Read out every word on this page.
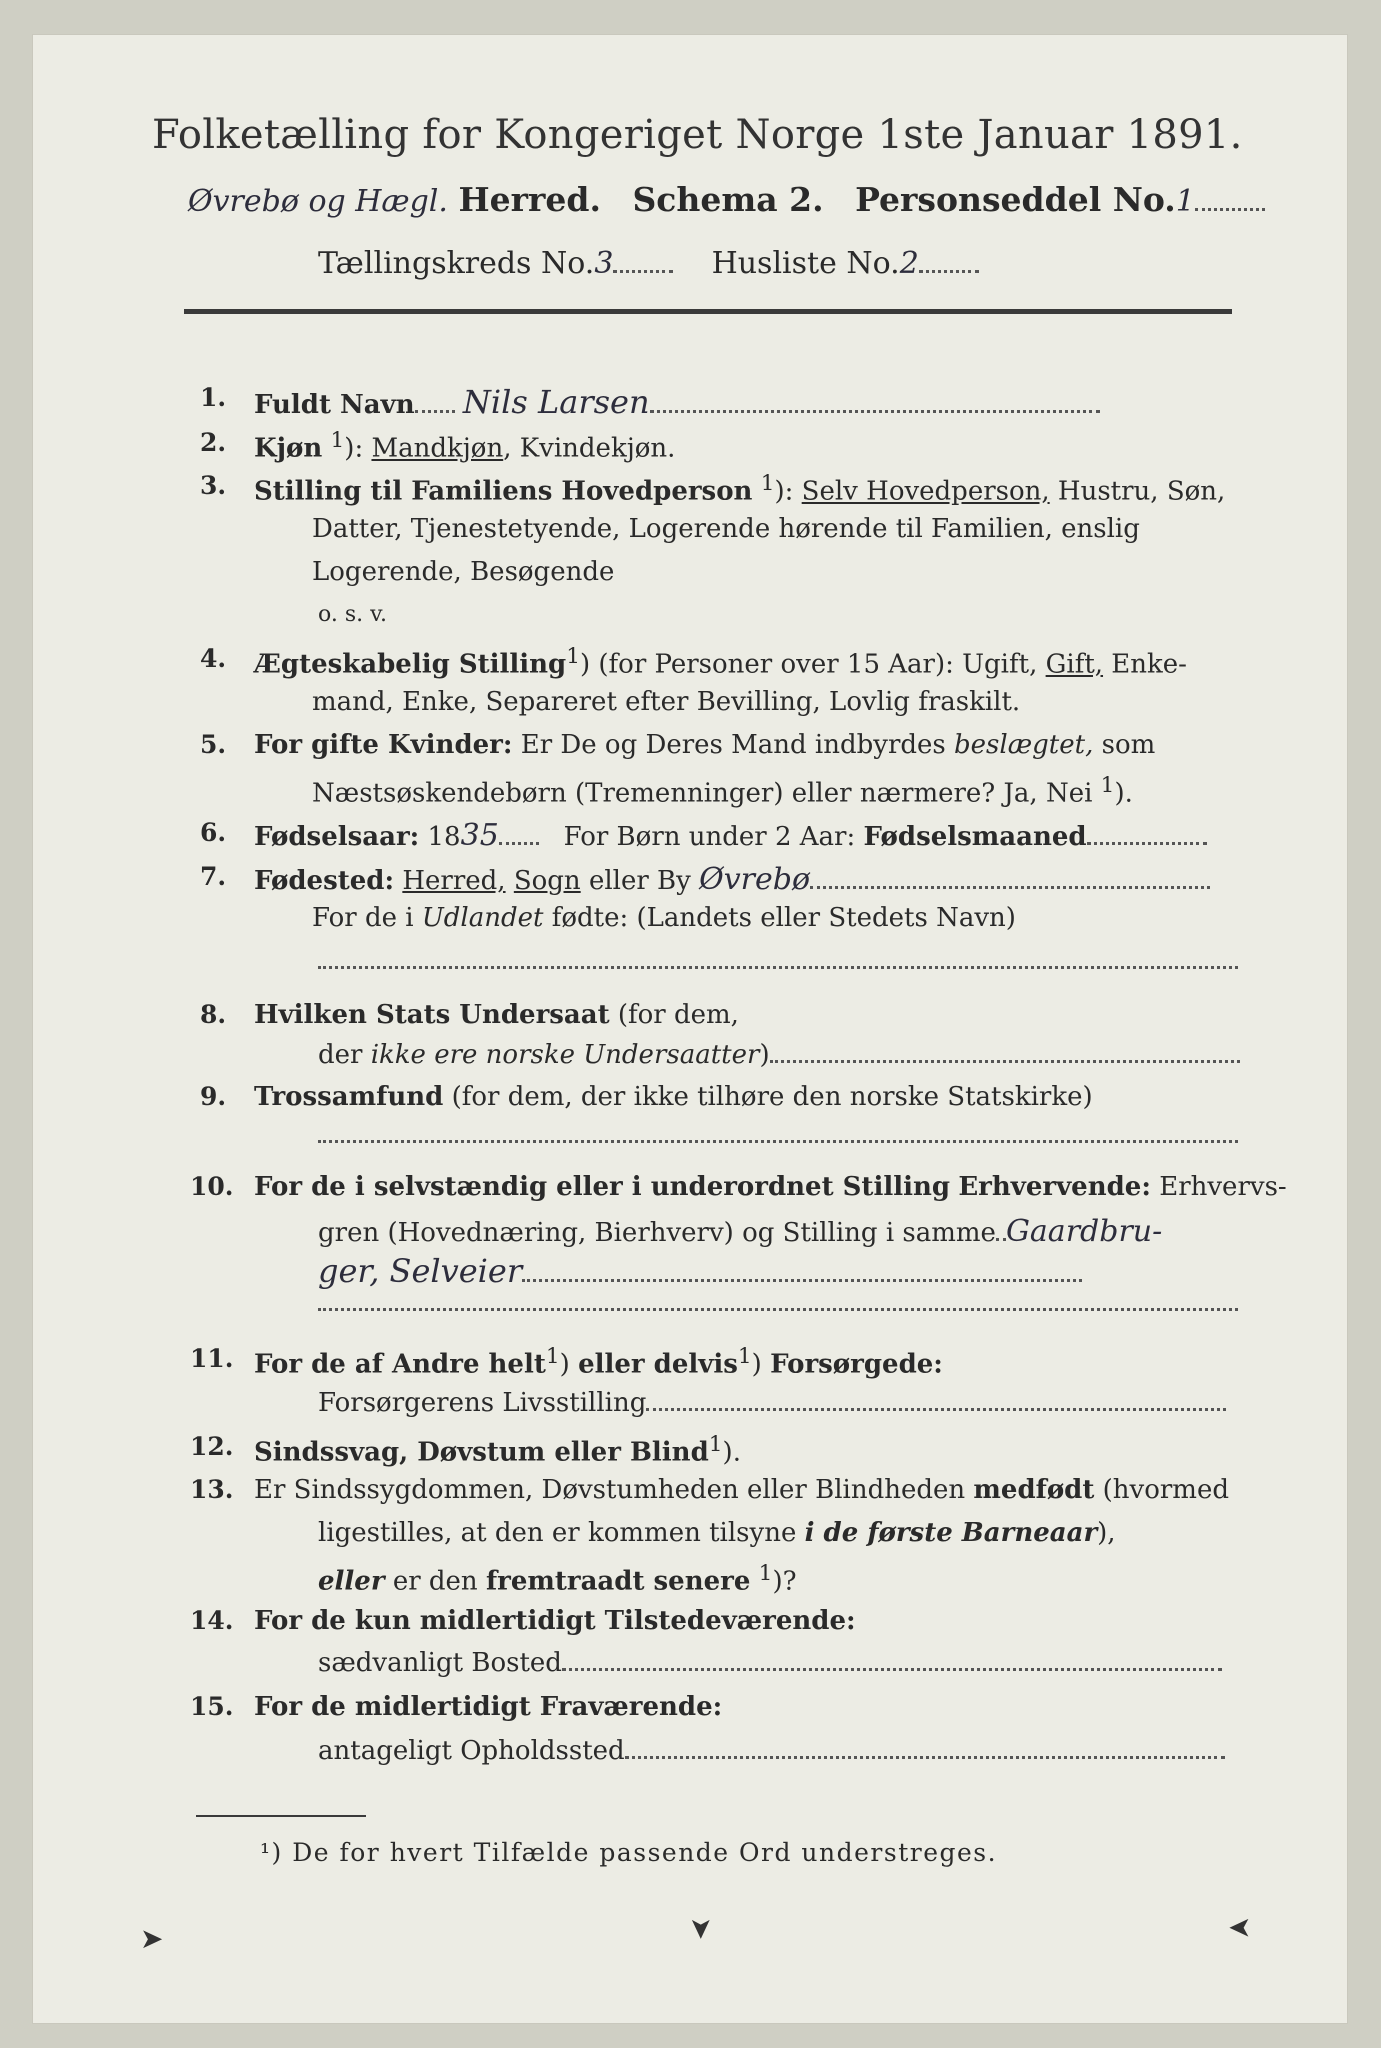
Folketælling for Kongeriget Norge 1ste Januar 1891.
Øvrebø og Hægl. Herred. Schema 2. Personseddel No.1
Tællingskreds No.3	Husliste No.2
1. Fuldt Navn Nils Larsen
2. Kjøn $^1$): Mandkjøn, Kvindekjøn.
3. Stilling til Familiens Hovedperson $^1$): Selv Hovedperson, Hustru, Søn,
Datter, Tjenestetyende, Logerende hørende til Familien, enslig
Logerende, Besøgende
o. s. v.
4. Ægteskabelig Stilling$^1$) (for Personer over 15 Aar): Ugift, Gift, Enke-
mand, Enke, Separeret efter Bevilling, Lovlig fraskilt.
5. For gifte Kvinder: Er De og Deres Mand indbyrdes beslægtet, som
Næstsøskendebørn (Tremenninger) eller nærmere? Ja, Nei $^1$).
6. Fødselsaar: 1835 For Børn under 2 Aar: Fødselsmaaned
7. Fødested: Herred, Sogn eller By Øvrebø
For de i Udlandet fødte: (Landets eller Stedets Navn)
8. Hvilken Stats Undersaat (for dem,
der ikke ere norske Undersaatter)
9. Trossamfund (for dem, der ikke tilhøre den norske Statskirke)
10. For de i selvstændig eller i underordnet Stilling Erhvervende: Erhvervs-
gren (Hovednæring, Bierhverv) og Stilling i samme Gaardbru-
ger, Selveier
11. For de af Andre helt$^1$) eller delvis$^1$) Forsørgede:
Forsørgerens Livsstilling
12. Sindssvag, Døvstum eller Blind$^1$).
13. Er Sindssygdommen, Døvstumheden eller Blindheden medfødt (hvormed
ligestilles, at den er kommen tilsyne i de første Barneaar),
eller er den fremtraadt senere $^1$)?
14. For de kun midlertidigt Tilstedeværende:
sædvanligt Bosted
15. For de midlertidigt Fraværende:
antageligt Opholdssted
¹) De for hvert Tilfælde passende Ord understreges.
➤	➤	➤
